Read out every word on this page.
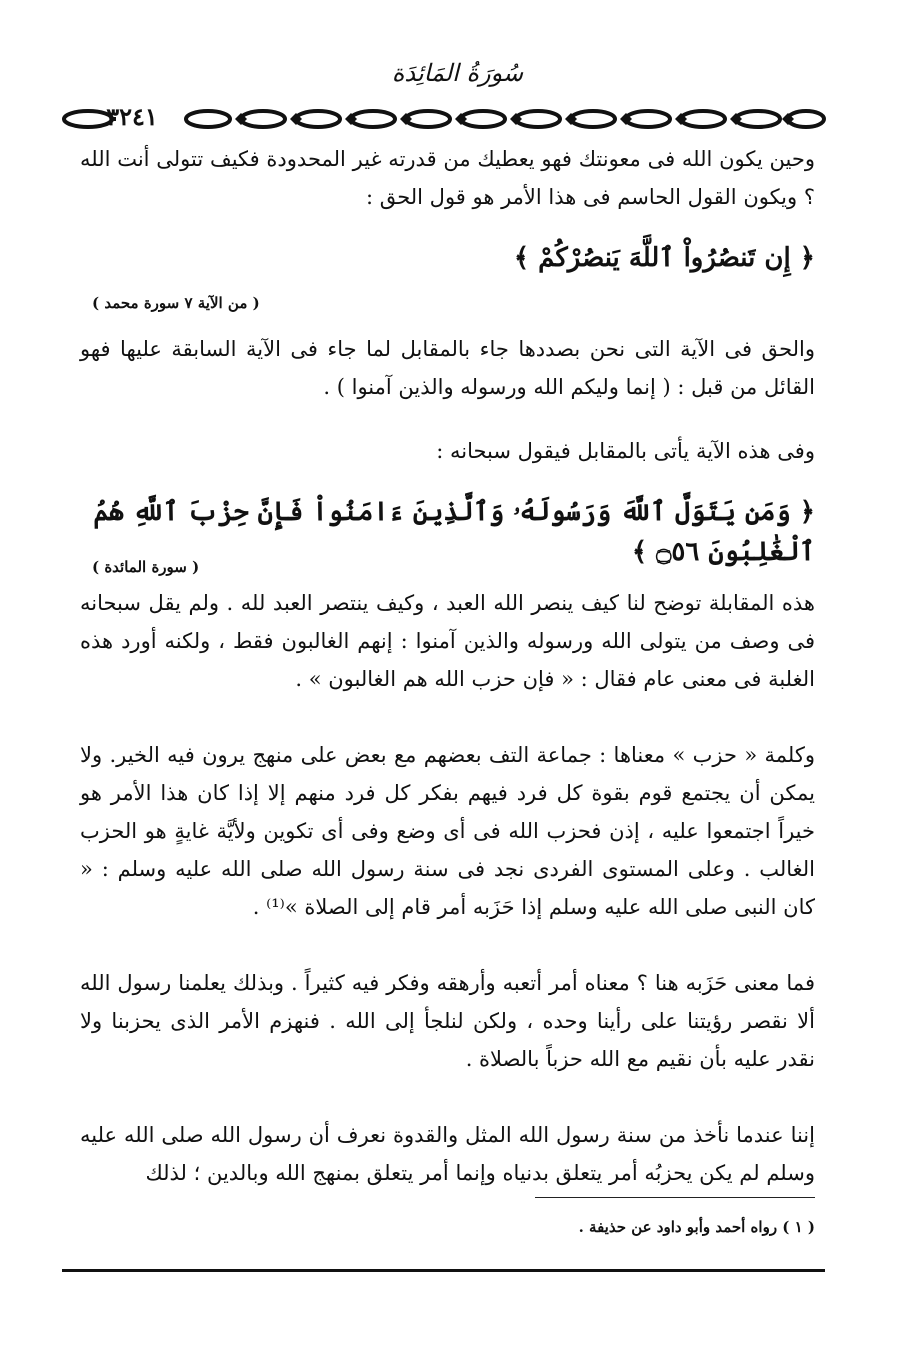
سُورَةُ المَائِدَة
٣٢٤١

وحين يكون الله فى معونتك فهو يعطيك من قدرته غير المحدودة فكيف تتولى أنت الله ؟ ويكون القول الحاسم فى هذا الأمر هو قول الحق :

﴿ إِن تَنصُرُواْ ٱللَّهَ يَنصُرْكُمْ ﴾
( من الآية ٧ سورة محمد )

والحق فى الآية التى نحن بصددها جاء بالمقابل لما جاء فى الآية السابقة عليها فهو القائل من قبل : ( إنما وليكم الله ورسوله والذين آمنوا ) .

وفى هذه الآية يأتى بالمقابل فيقول سبحانه :

﴿ وَمَن يَتَوَلَّ ٱللَّهَ وَرَسُولَهُۥ وَٱلَّذِينَ ءَامَنُواْ فَإِنَّ حِزْبَ ٱللَّهِ هُمُ ٱلْغَٰلِبُونَ ۝٥٦ ﴾
( سورة المائدة )

هذه المقابلة توضح لنا كيف ينصر الله العبد ، وكيف ينتصر العبد لله . ولم يقل سبحانه فى وصف من يتولى الله ورسوله والذين آمنوا : إنهم الغالبون فقط ، ولكنه أورد هذه الغلبة فى معنى عام فقال : « فإن حزب الله هم الغالبون » .

وكلمة « حزب » معناها : جماعة التف بعضهم مع بعض على منهج يرون فيه الخير. ولا يمكن أن يجتمع قوم بقوة كل فرد فيهم بفكر كل فرد منهم إلا إذا كان هذا الأمر هو خيراً اجتمعوا عليه ، إذن فحزب الله فى أى وضع وفى أى تكوين ولأيَّة غايةٍ هو الحزب الغالب . وعلى المستوى الفردى نجد فى سنة رسول الله صلى الله عليه وسلم : « كان النبى صلى الله عليه وسلم إذا حَزَبه أمر قام إلى الصلاة »⁽¹⁾ .

فما معنى حَزَبه هنا ؟ معناه أمر أتعبه وأرهقه وفكر فيه كثيراً . وبذلك يعلمنا رسول الله ألا نقصر رؤيتنا على رأينا وحده ، ولكن لنلجأ إلى الله . فنهزم الأمر الذى يحزبنا ولا نقدر عليه بأن نقيم مع الله حزباً بالصلاة .

إننا عندما نأخذ من سنة رسول الله المثل والقدوة نعرف أن رسول الله صلى الله عليه وسلم لم يكن يحزبُه أمر يتعلق بدنياه وإنما أمر يتعلق بمنهج الله وبالدين ؛ لذلك

( ١ ) رواه أحمد وأبو داود عن حذيفة .
